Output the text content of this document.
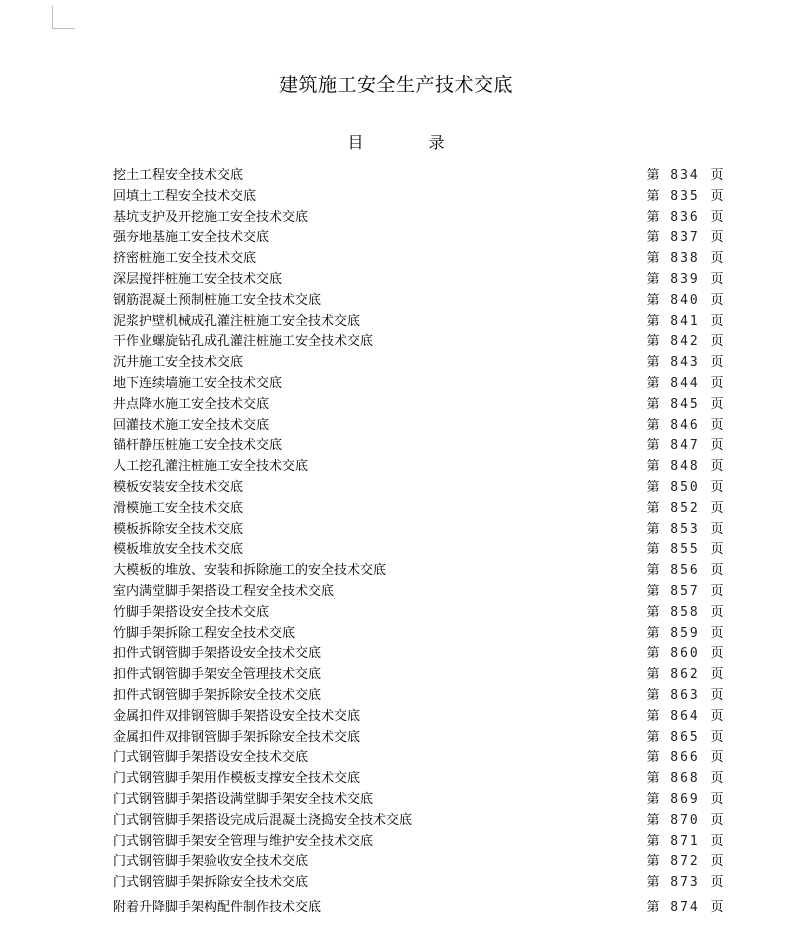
建筑施工安全生产技术交底
目 录
挖土工程安全技术交底	第 834 页
回填土工程安全技术交底	第 835 页
基坑支护及开挖施工安全技术交底	第 836 页
强夯地基施工安全技术交底	第 837 页
挤密桩施工安全技术交底	第 838 页
深层搅拌桩施工安全技术交底	第 839 页
钢筋混凝土预制桩施工安全技术交底	第 840 页
泥浆护壁机械成孔灌注桩施工安全技术交底	第 841 页
干作业螺旋钻孔成孔灌注桩施工安全技术交底	第 842 页
沉井施工安全技术交底	第 843 页
地下连续墙施工安全技术交底	第 844 页
井点降水施工安全技术交底	第 845 页
回灌技术施工安全技术交底	第 846 页
锚杆静压桩施工安全技术交底	第 847 页
人工挖孔灌注桩施工安全技术交底	第 848 页
模板安装安全技术交底	第 850 页
滑模施工安全技术交底	第 852 页
模板拆除安全技术交底	第 853 页
模板堆放安全技术交底	第 855 页
大模板的堆放、安装和拆除施工的安全技术交底	第 856 页
室内满堂脚手架搭设工程安全技术交底	第 857 页
竹脚手架搭设安全技术交底	第 858 页
竹脚手架拆除工程安全技术交底	第 859 页
扣件式钢管脚手架搭设安全技术交底	第 860 页
扣件式钢管脚手架安全管理技术交底	第 862 页
扣件式钢管脚手架拆除安全技术交底	第 863 页
金属扣件双排钢管脚手架搭设安全技术交底	第 864 页
金属扣件双排钢管脚手架拆除安全技术交底	第 865 页
门式钢管脚手架搭设安全技术交底	第 866 页
门式钢管脚手架用作模板支撑安全技术交底	第 868 页
门式钢管脚手架搭设满堂脚手架安全技术交底	第 869 页
门式钢管脚手架搭设完成后混凝土浇捣安全技术交底	第 870 页
门式钢管脚手架安全管理与维护安全技术交底	第 871 页
门式钢管脚手架验收安全技术交底	第 872 页
门式钢管脚手架拆除安全技术交底	第 873 页
附着升降脚手架构配件制作技术交底	第 874 页
